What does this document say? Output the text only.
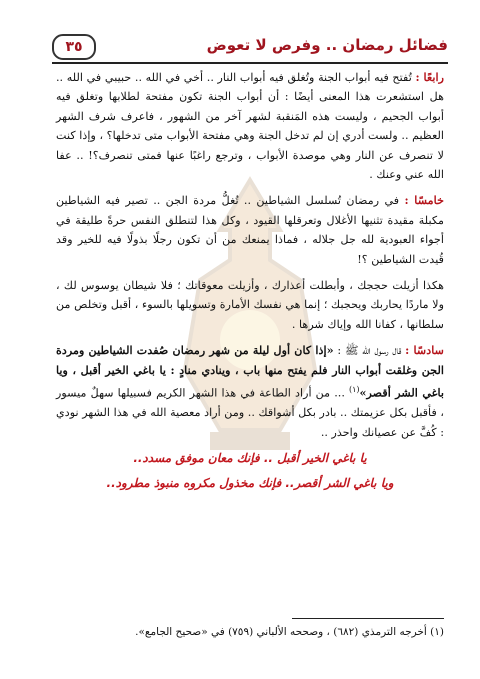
فضائل رمضان .. وفرص لا تعوض
٣٥

رابعًا : تُفتح فيه أبواب الجنة وتُغلق فيه أبواب النار .. أخي في الله .. حبيبي في الله .. هل استشعرت هذا المعنى أيضًا : أن أبواب الجنة تكون مفتحة لطلابها وتغلق فيه أبواب الجحيم ، وليست هذه المَنقبة لشهر آخر من الشهور ، فاعرف شرف الشهر العظيم .. ولست أدري إن لم تدخل الجنة وهي مفتحة الأبواب متى تدخلها؟ ، وإذا كنت لا تنصرف عن النار وهي موصدة الأبواب ، وترجع راغبًا عنها فمتى تنصرف؟! .. عفا الله عني وعنك .

خامسًا : في رمضان تُسلسل الشياطين .. تُغلُّ مردة الجن .. تصير فيه الشياطين مكبلة مقيدة تثنيها الأغلال وتعرقلها القيود ، وكل هذا لتنطلق النفس حرةً طليقة في أجواء العبودية لله جل جلاله ، فماذا يمنعك من أن تكون رجلًا بذولًا فيه للخير وقد قُيدت الشياطين ؟!

هكذا أزيلت حججك ، وأبطلت أعذارك ، وأزيلت معوقاتك ؛ فلا شيطان يوسوس لك ، ولا ماردًا يحاربك ويحجبك ؛ إنما هي نفسك الأمارة وتسويلها بالسوء ، أقبل وتخلص من سلطانها ، كفانا الله وإياك شرها .

سادسًا : قال رسول الله ﷺ : «إذا كان أول ليلة من شهر رمضان صُفدت الشياطين ومردة الجن وغلقت أبواب النار فلم يفتح منها باب ، وينادي منادٍ : يا باغي الخير أقبل ، ويا باغي الشر أقصر»$^{(١)}$ ... من أراد الطاعة في هذا الشهر الكريم فسبيلها سهلٌ ميسور ، فأقبل بكل عزيمتك .. بادر بكل أشواقك .. ومن أراد معصية الله في هذا الشهر نودي : كُفَّ عن عصيانك واحذر ..

يا باغي الخير أقبل .. فإنك معان موفق مسدد..
ويا باغي الشر أقصر.. فإنك مخذول مكروه منبوذ مطرود..
(١) أخرجه الترمذي (٦٨٢) ، وصححه الألباني (٧٥٩) في «صحيح الجامع».
